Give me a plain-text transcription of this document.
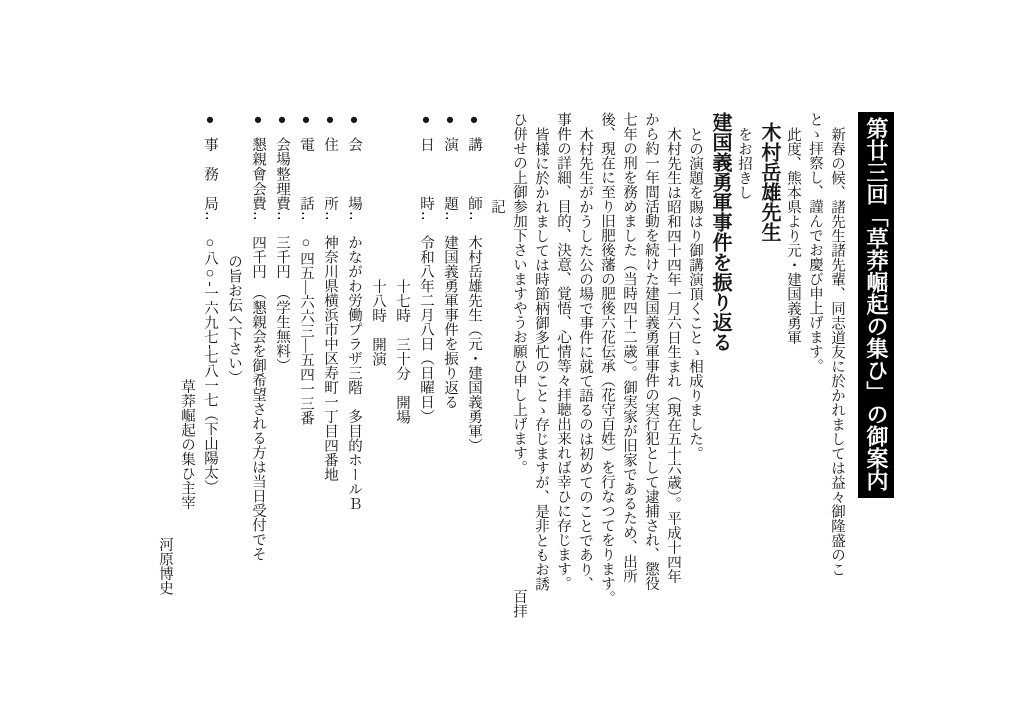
第廿三回「草莽崛起の集ひ」の御案内

新春の候、諸先生諸先輩、同志道友に於かれましては益々御隆盛のこ

とゝ拝察し、謹んでお慶び申上げます。

此度、熊本県より元・建国義勇軍

木村岳雄先生

をお招きし

建国義勇軍事件を振り返る

との演題を賜はり御講演頂くことゝ相成りました。

木村先生は昭和四十四年一月六日生まれ（現在五十六歳）。平成十四年

から約一年間活動を続けた建国義勇軍事件の実行犯として逮捕され、懲役

七年の刑を務めました（当時四十二歳）。御実家が旧家であるため、出所

後、現在に至り旧肥後藩の肥後六花伝承（花守百姓）を行なつてをります。

木村先生がかうした公の場で事件に就て語るのは初めてのことであり、

事件の詳細、目的、決意、覚悟、心情等々拝聴出来れば幸ひに存じます。

皆様に於かれましては時節柄御多忙のことゝ存じますが、是非ともお誘

ひ併せの上御参加下さいますやうお願ひ申し上げます。
百拝

記

●講師‥　木村岳雄先生（元・建国義勇軍）

●演題‥　建国義勇軍事件を振り返る

●日時‥　令和八年二月八日（日曜日）

十七時　三十分　開場

十八時　開演

●会場‥　かながわ労働プラザ三階　多目的ホールＢ

●住所‥　神奈川県横浜市中区寿町一丁目四番地

●電話‥　○四五―六六三―五四一三番

●会場整理費‥　三千円　（学生無料）

●懇親會会費‥　四千円　（懇親会を御希望される方は当日受付でそ

の旨お伝へ下さい）

●事務局‥　○八○‐一六九七‐七八一七（下山陽太）

草莽崛起の集ひ主宰

河原博史
